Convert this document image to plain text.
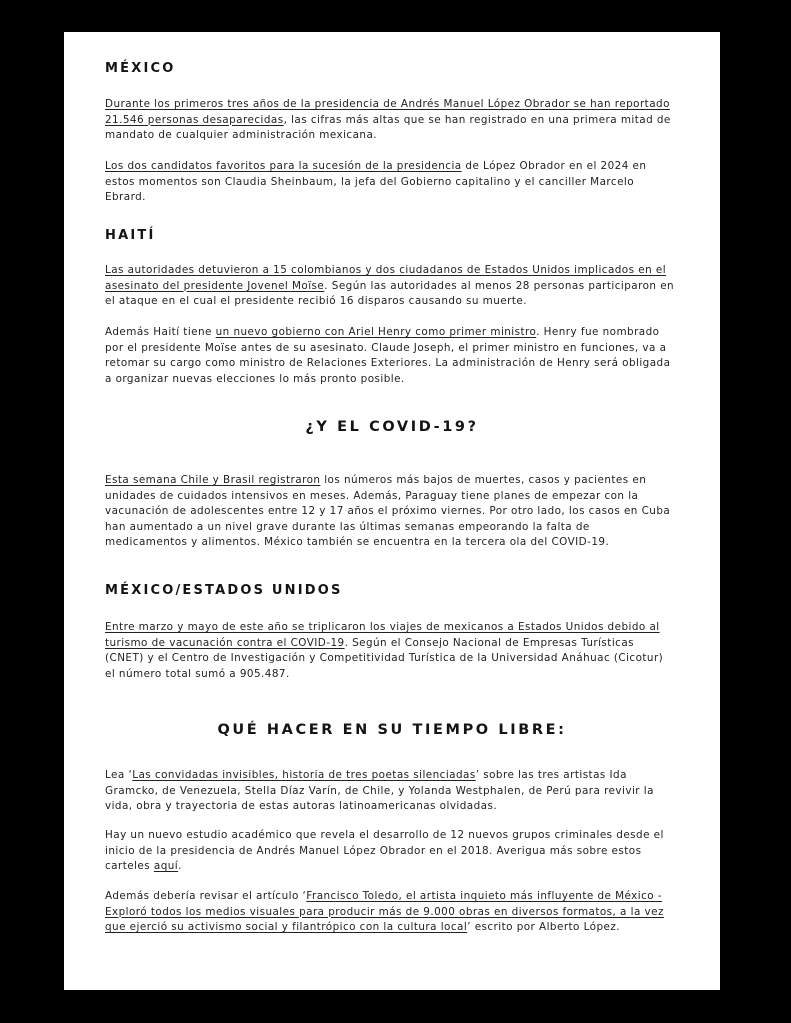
MÉXICO

Durante los primeros tres años de la presidencia de Andrés Manuel López Obrador se han reportado 21.546 personas desaparecidas, las cifras más altas que se han registrado en una primera mitad de mandato de cualquier administración mexicana.

Los dos candidatos favoritos para la sucesión de la presidencia de López Obrador en el 2024 en estos momentos son Claudia Sheinbaum, la jefa del Gobierno capitalino y el canciller Marcelo Ebrard.

HAITÍ

Las autoridades detuvieron a 15 colombianos y dos ciudadanos de Estados Unidos implicados en el asesinato del presidente Jovenel Moïse. Según las autoridades al menos 28 personas participaron en el ataque en el cual el presidente recibió 16 disparos causando su muerte.

Además Haití tiene un nuevo gobierno con Ariel Henry como primer ministro. Henry fue nombrado por el presidente Moïse antes de su asesinato. Claude Joseph, el primer ministro en funciones, va a retomar su cargo como ministro de Relaciones Exteriores. La administración de Henry será obligada a organizar nuevas elecciones lo más pronto posible.

¿Y EL COVID-19?

Esta semana Chile y Brasil registraron los números más bajos de muertes, casos y pacientes en unidades de cuidados intensivos en meses. Además, Paraguay tiene planes de empezar con la vacunación de adolescentes entre 12 y 17 años el próximo viernes. Por otro lado, los casos en Cuba han aumentado a un nivel grave durante las últimas semanas empeorando la falta de medicamentos y alimentos. México también se encuentra en la tercera ola del COVID-19.

MÉXICO/ESTADOS UNIDOS

Entre marzo y mayo de este año se triplicaron los viajes de mexicanos a Estados Unidos debido al turismo de vacunación contra el COVID-19. Según el Consejo Nacional de Empresas Turísticas (CNET) y el Centro de Investigación y Competitividad Turística de la Universidad Anáhuac (Cicotur) el número total sumó a 905.487.

QUÉ HACER EN SU TIEMPO LIBRE:

Lea ‘Las convidadas invisibles, historia de tres poetas silenciadas’ sobre las tres artistas Ida Gramcko, de Venezuela, Stella Díaz Varín, de Chile, y Yolanda Westphalen, de Perú para revivir la vida, obra y trayectoria de estas autoras latinoamericanas olvidadas.

Hay un nuevo estudio académico que revela el desarrollo de 12 nuevos grupos criminales desde el inicio de la presidencia de Andrés Manuel López Obrador en el 2018. Averigua más sobre estos carteles aquí.

Además debería revisar el artículo ‘Francisco Toledo, el artista inquieto más influyente de México - Exploró todos los medios visuales para producir más de 9.000 obras en diversos formatos, a la vez que ejerció su activismo social y filantrópico con la cultura local’ escrito por Alberto López.
